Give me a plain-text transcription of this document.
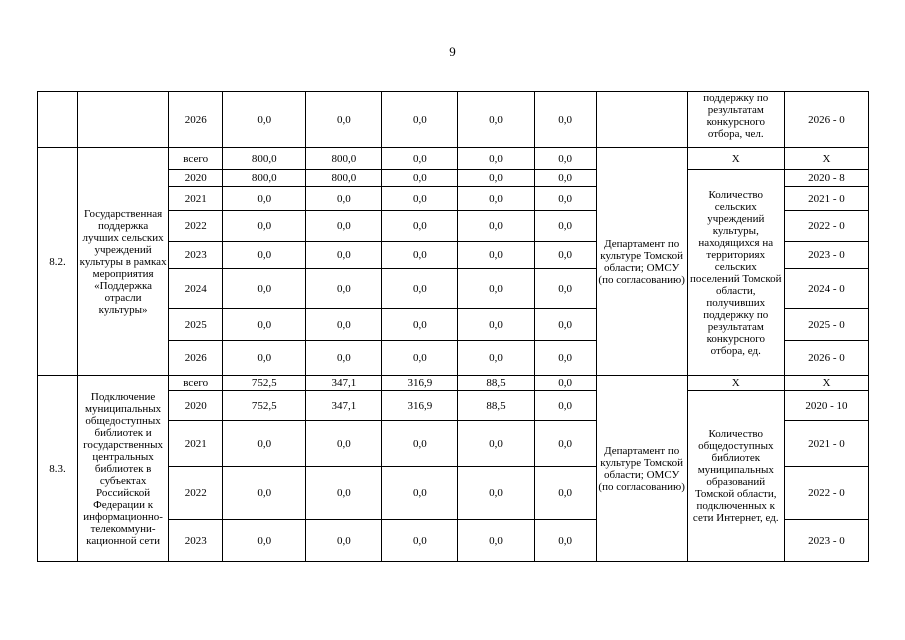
9
		2026	0,0	0,0	0,0	0,0	0,0		поддержку по результатам конкурсного отбора, чел.	2026 - 0
8.2.	Государственная поддержка лучших сельских учреждений культуры в рамках мероприятия «Поддержка отрасли культуры»	всего	800,0	800,0	0,0	0,0	0,0	Департамент по культуре Томской области; ОМСУ (по согласованию)	Х	Х
		2020	800,0	800,0	0,0	0,0	0,0		Количество сельских учреждений культуры, находящихся на территориях сельских поселений Томской области, получивших поддержку по результатам конкурсного отбора, ед.	2020 - 8
		2021	0,0	0,0	0,0	0,0	0,0			2021 - 0
		2022	0,0	0,0	0,0	0,0	0,0			2022 - 0
		2023	0,0	0,0	0,0	0,0	0,0			2023 - 0
		2024	0,0	0,0	0,0	0,0	0,0			2024 - 0
		2025	0,0	0,0	0,0	0,0	0,0			2025 - 0
		2026	0,0	0,0	0,0	0,0	0,0			2026 - 0
8.3.	Подключение муниципальных общедоступных библиотек и государственных центральных библиотек в субъектах Российской Федерации к информационно-телекоммуни-кационной сети	всего	752,5	347,1	316,9	88,5	0,0	Департамент по культуре Томской области; ОМСУ (по согласованию)	Х	Х
		2020	752,5	347,1	316,9	88,5	0,0		Количество общедоступных библиотек муниципальных образований Томской области, подключенных к сети Интернет, ед.	2020 - 10
		2021	0,0	0,0	0,0	0,0	0,0			2021 - 0
		2022	0,0	0,0	0,0	0,0	0,0			2022 - 0
		2023	0,0	0,0	0,0	0,0	0,0			2023 - 0
